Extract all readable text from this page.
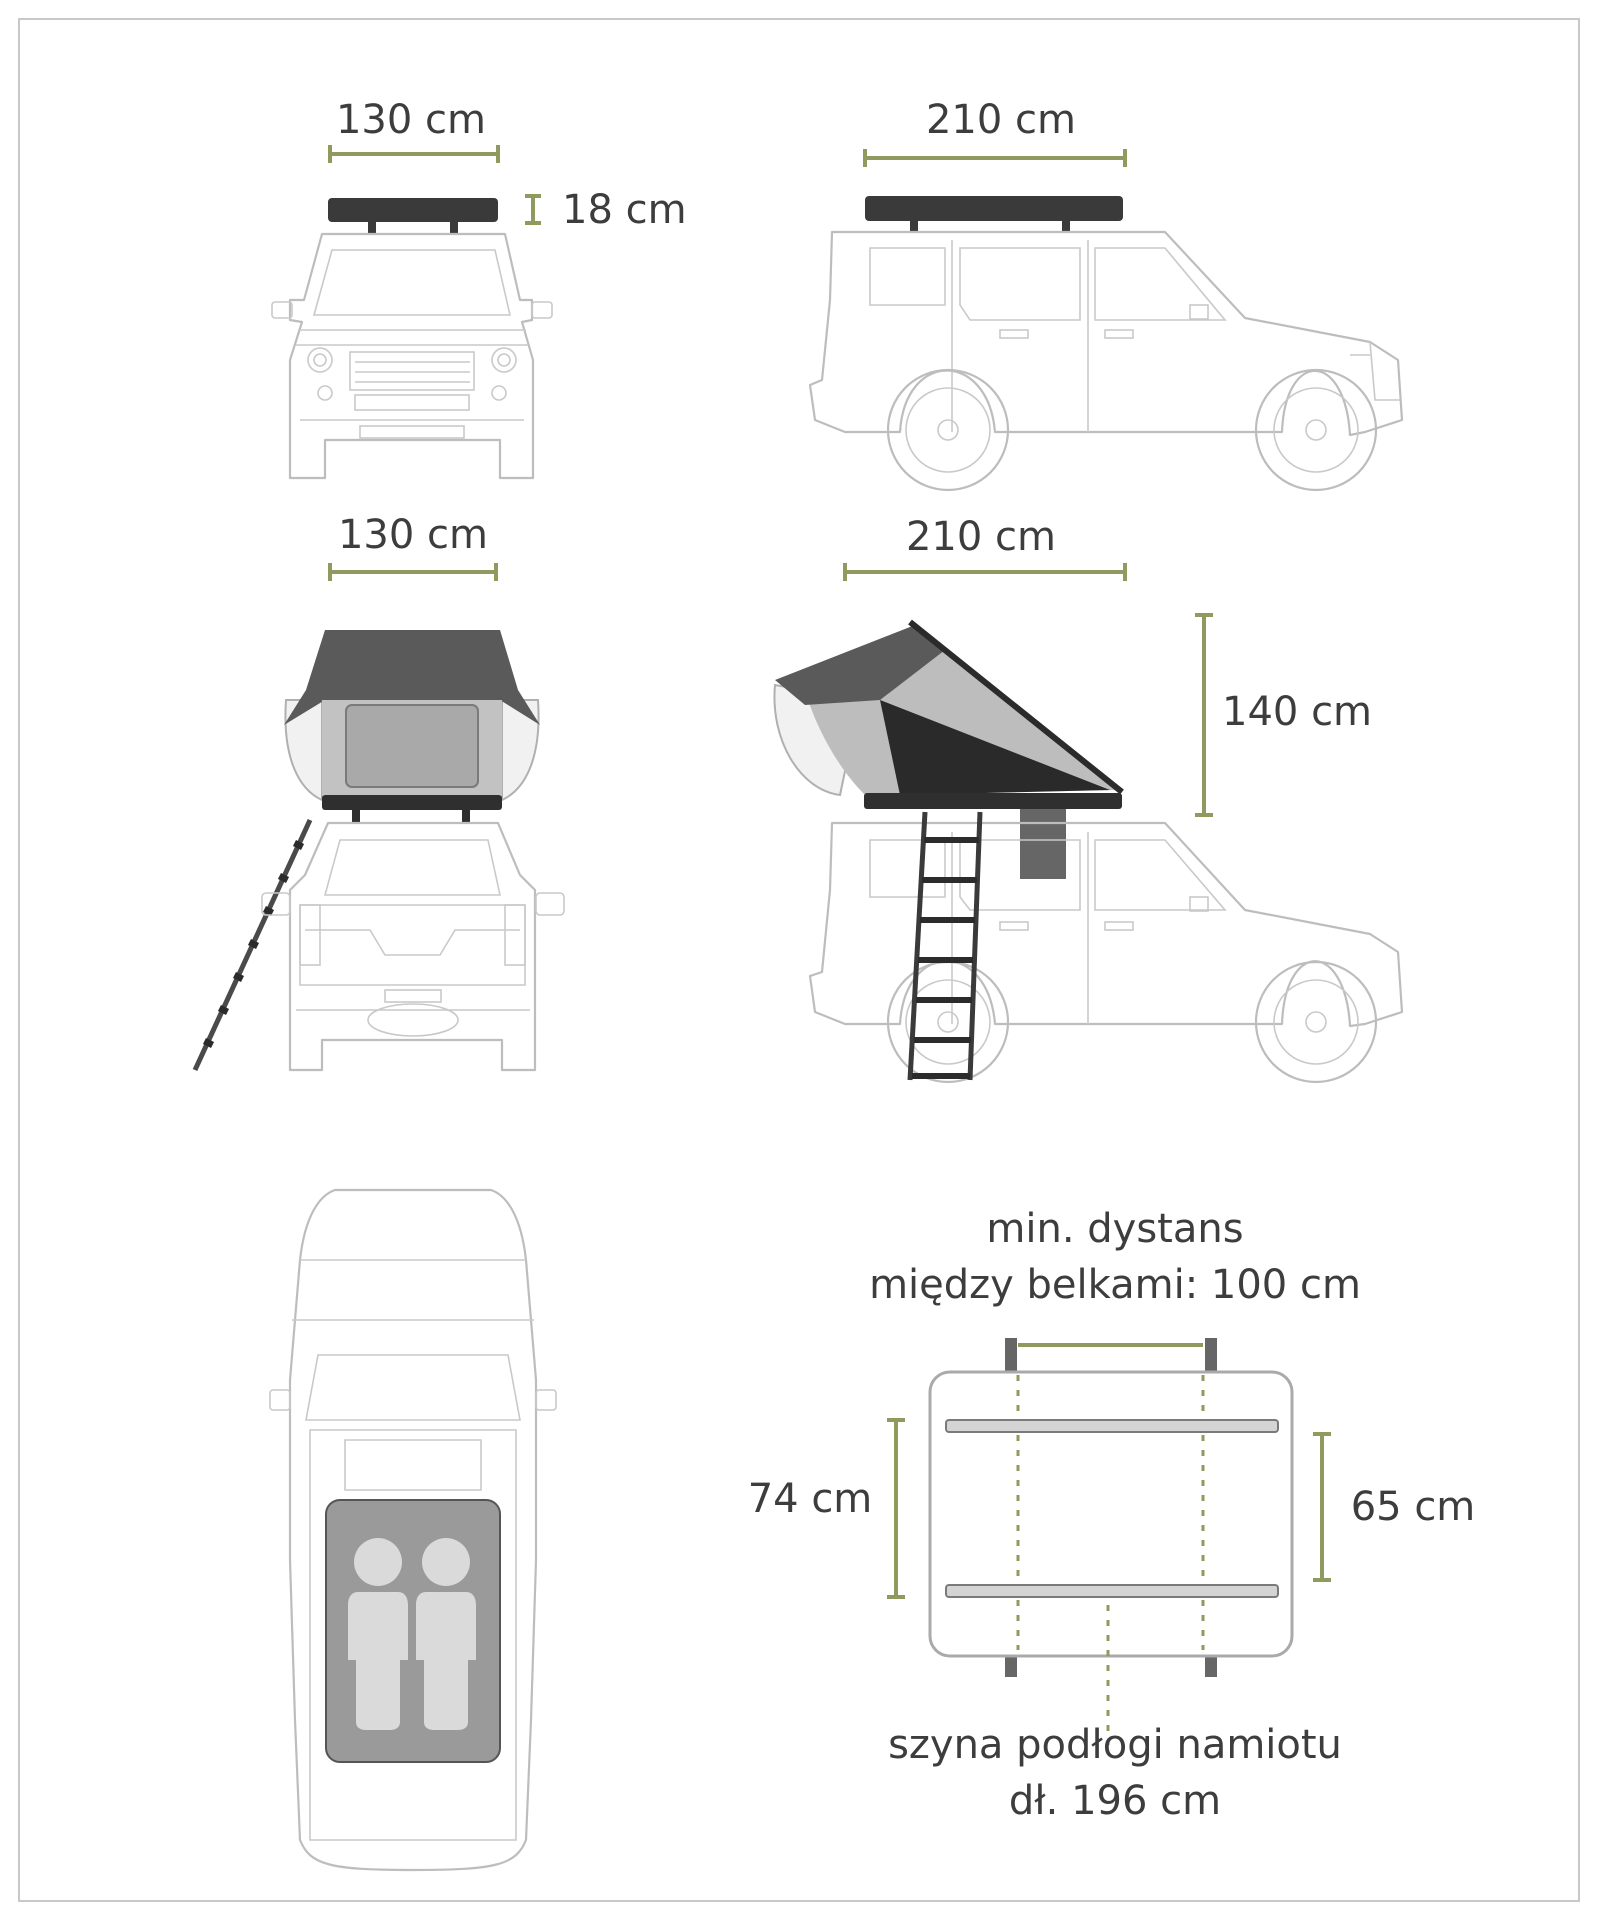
130 cm
18 cm
210 cm
130 cm	210 cm
140 cm
min. dystans
między belkami: 100 cm
74 cm	65 cm
szyna podłogi namiotu
dł. 196 cm
